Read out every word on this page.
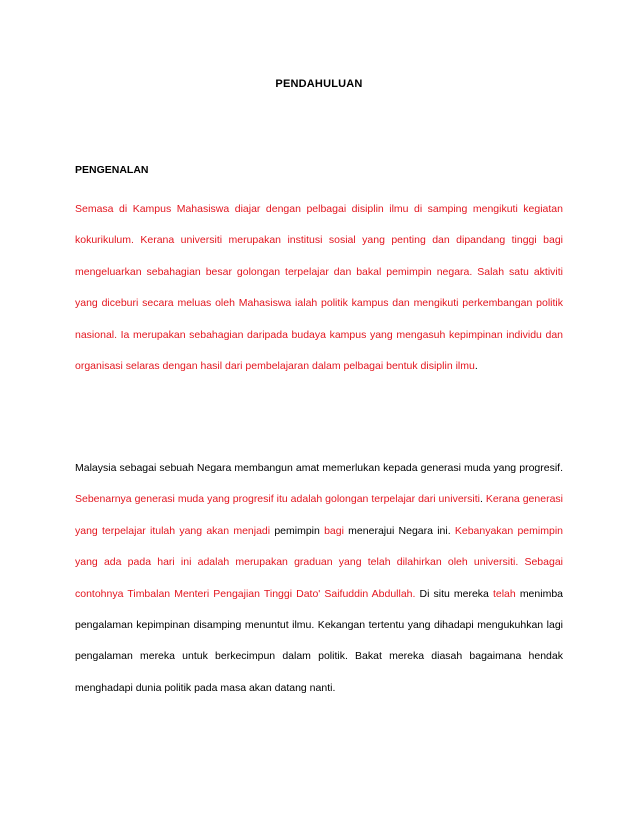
PENDAHULUAN
PENGENALAN

Semasa di Kampus Mahasiswa diajar dengan pelbagai disiplin ilmu di samping mengikuti kegiatan kokurikulum. Kerana universiti merupakan institusi sosial yang penting dan dipandang tinggi bagi mengeluarkan sebahagian besar golongan terpelajar dan bakal pemimpin negara. Salah satu aktiviti yang diceburi secara meluas oleh Mahasiswa ialah politik kampus dan mengikuti perkembangan politik nasional. Ia merupakan sebahagian daripada budaya kampus yang mengasuh kepimpinan individu dan organisasi selaras dengan hasil dari pembelajaran dalam pelbagai bentuk disiplin ilmu.

Malaysia sebagai sebuah Negara membangun amat memerlukan kepada generasi muda yang progresif. Sebenarnya generasi muda yang progresif itu adalah golongan terpelajar dari universiti. Kerana generasi yang terpelajar itulah yang akan menjadi pemimpin bagi menerajui Negara ini. Kebanyakan pemimpin yang ada pada hari ini adalah merupakan graduan yang telah dilahirkan oleh universiti. Sebagai contohnya Timbalan Menteri Pengajian Tinggi Dato' Saifuddin Abdullah. Di situ mereka telah menimba pengalaman kepimpinan disamping menuntut ilmu. Kekangan tertentu yang dihadapi mengukuhkan lagi pengalaman mereka untuk berkecimpun dalam politik. Bakat mereka diasah bagaimana hendak menghadapi dunia politik pada masa akan datang nanti.
